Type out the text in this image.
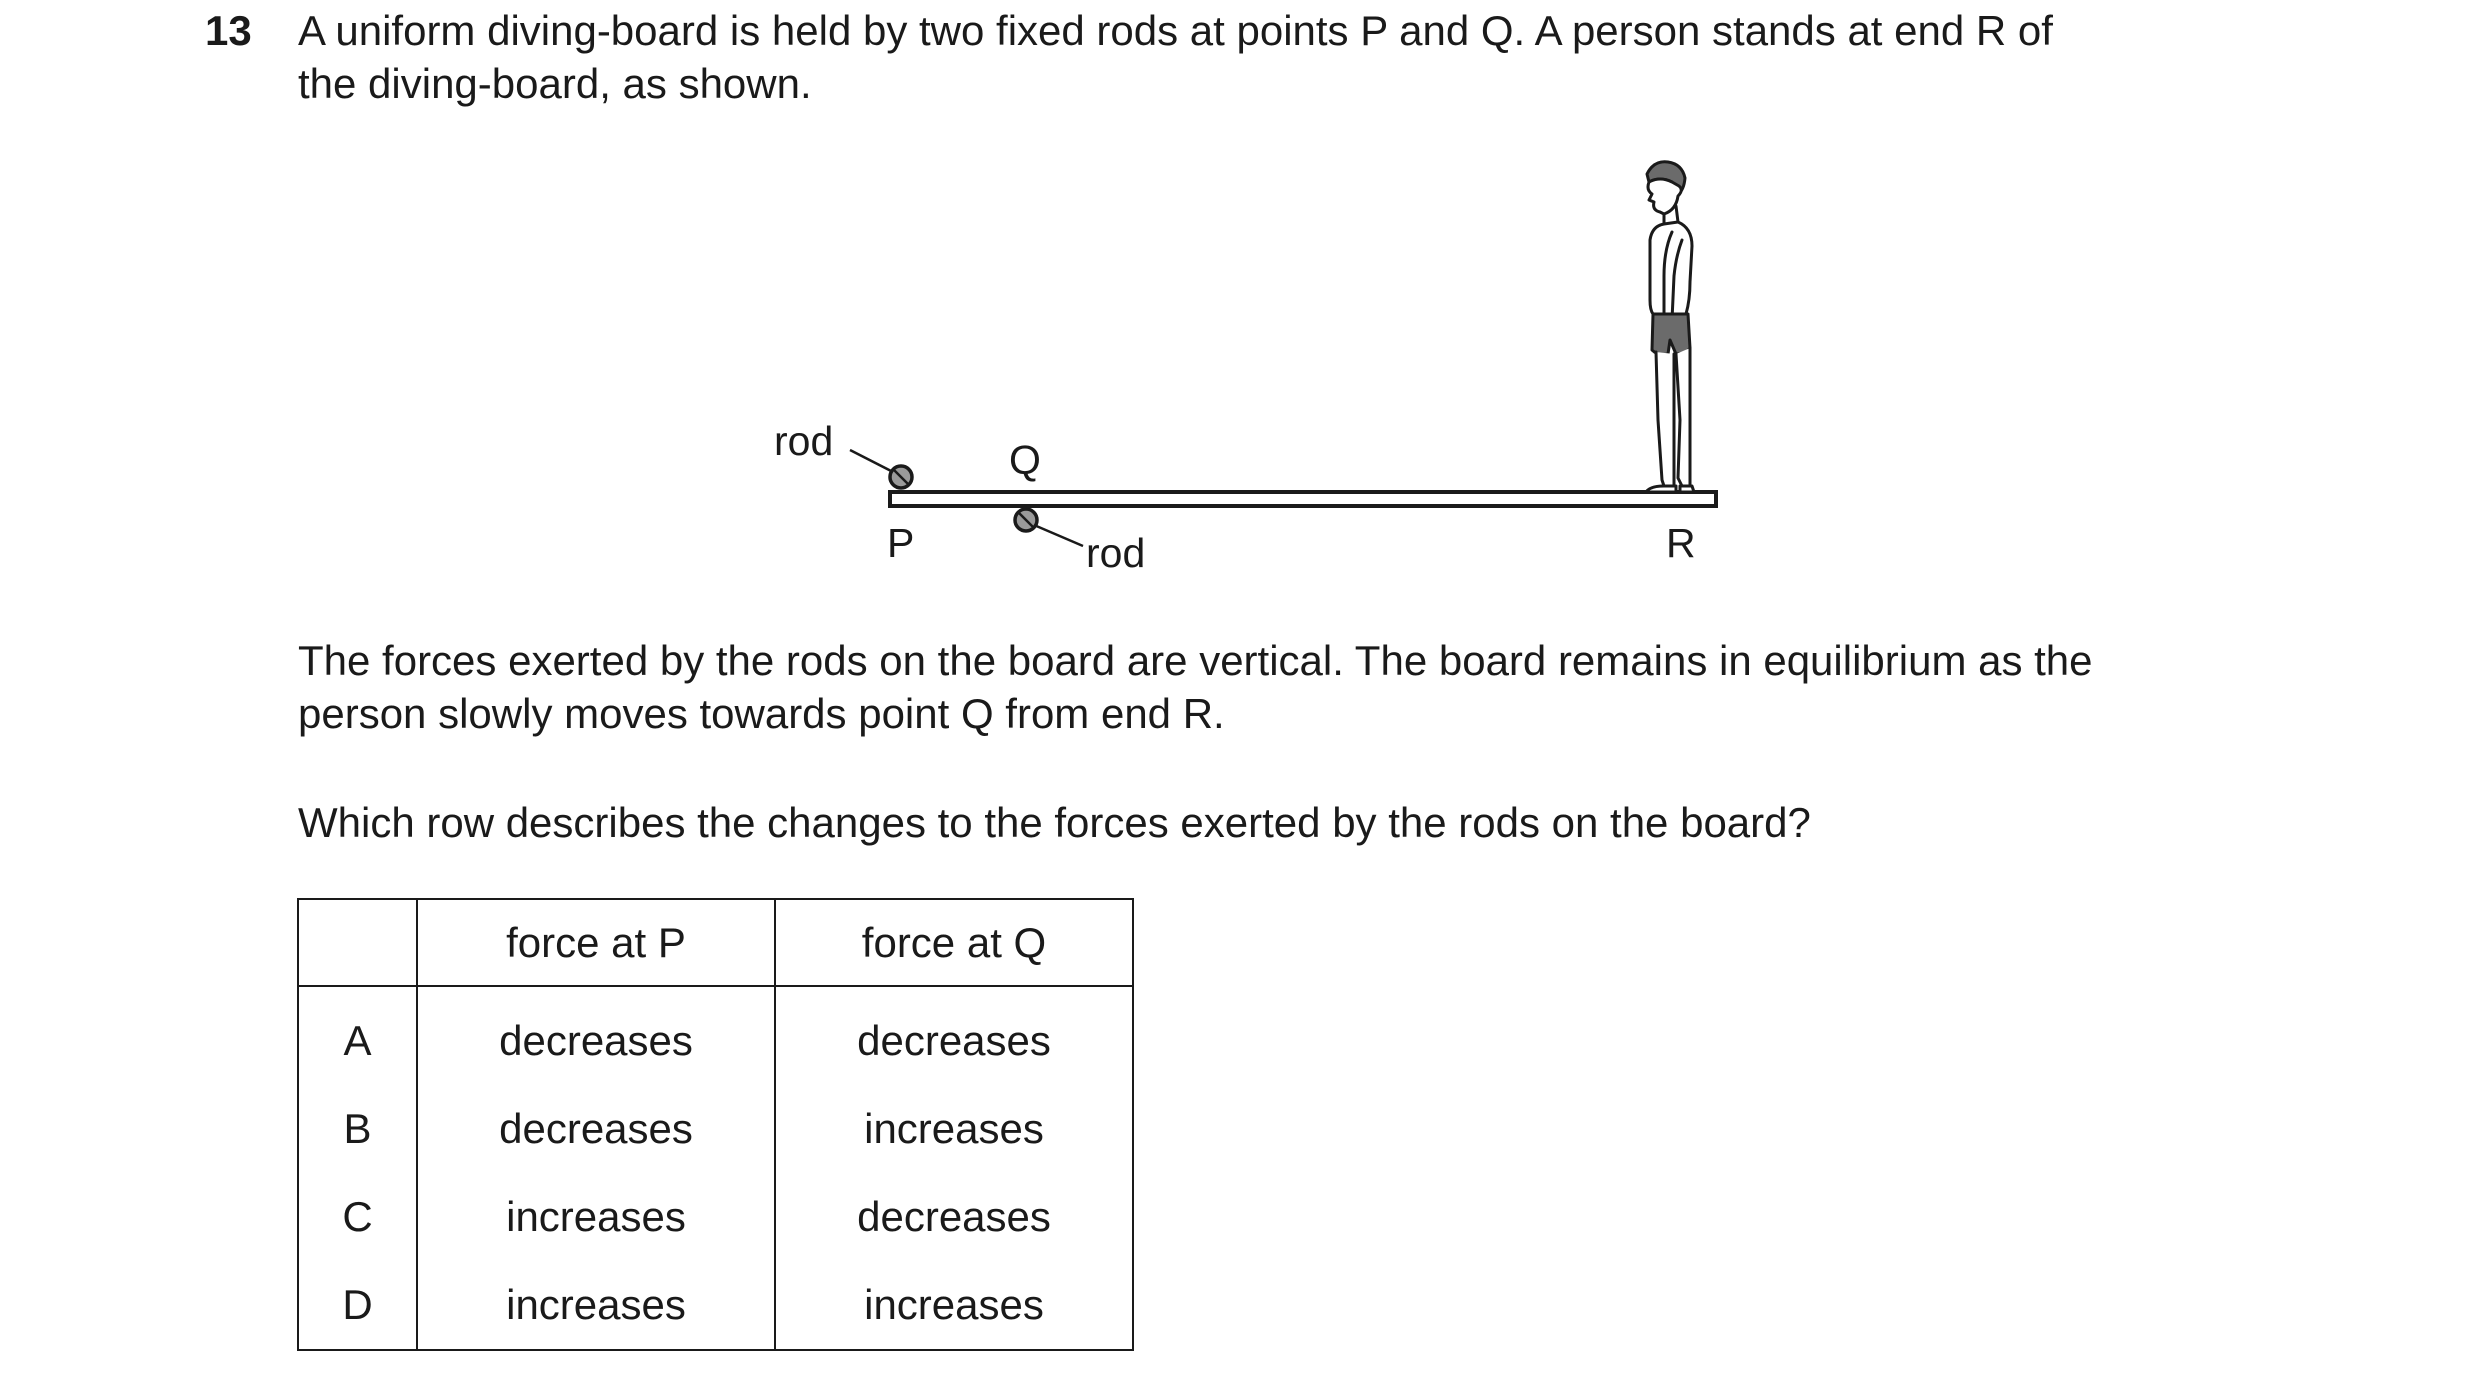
13 A uniform diving-board is held by two fixed rods at points P and Q. A person stands at end R of

the diving-board, as shown.

rod	Q
P	rod	R

The forces exerted by the rods on the board are vertical. The board remains in equilibrium as the
person slowly moves towards point Q from end R.

Which row describes the changes to the forces exerted by the rods on the board?

	force at P	force at Q
A	decreases	decreases
B	decreases	increases
C	increases	decreases
D	increases	increases
